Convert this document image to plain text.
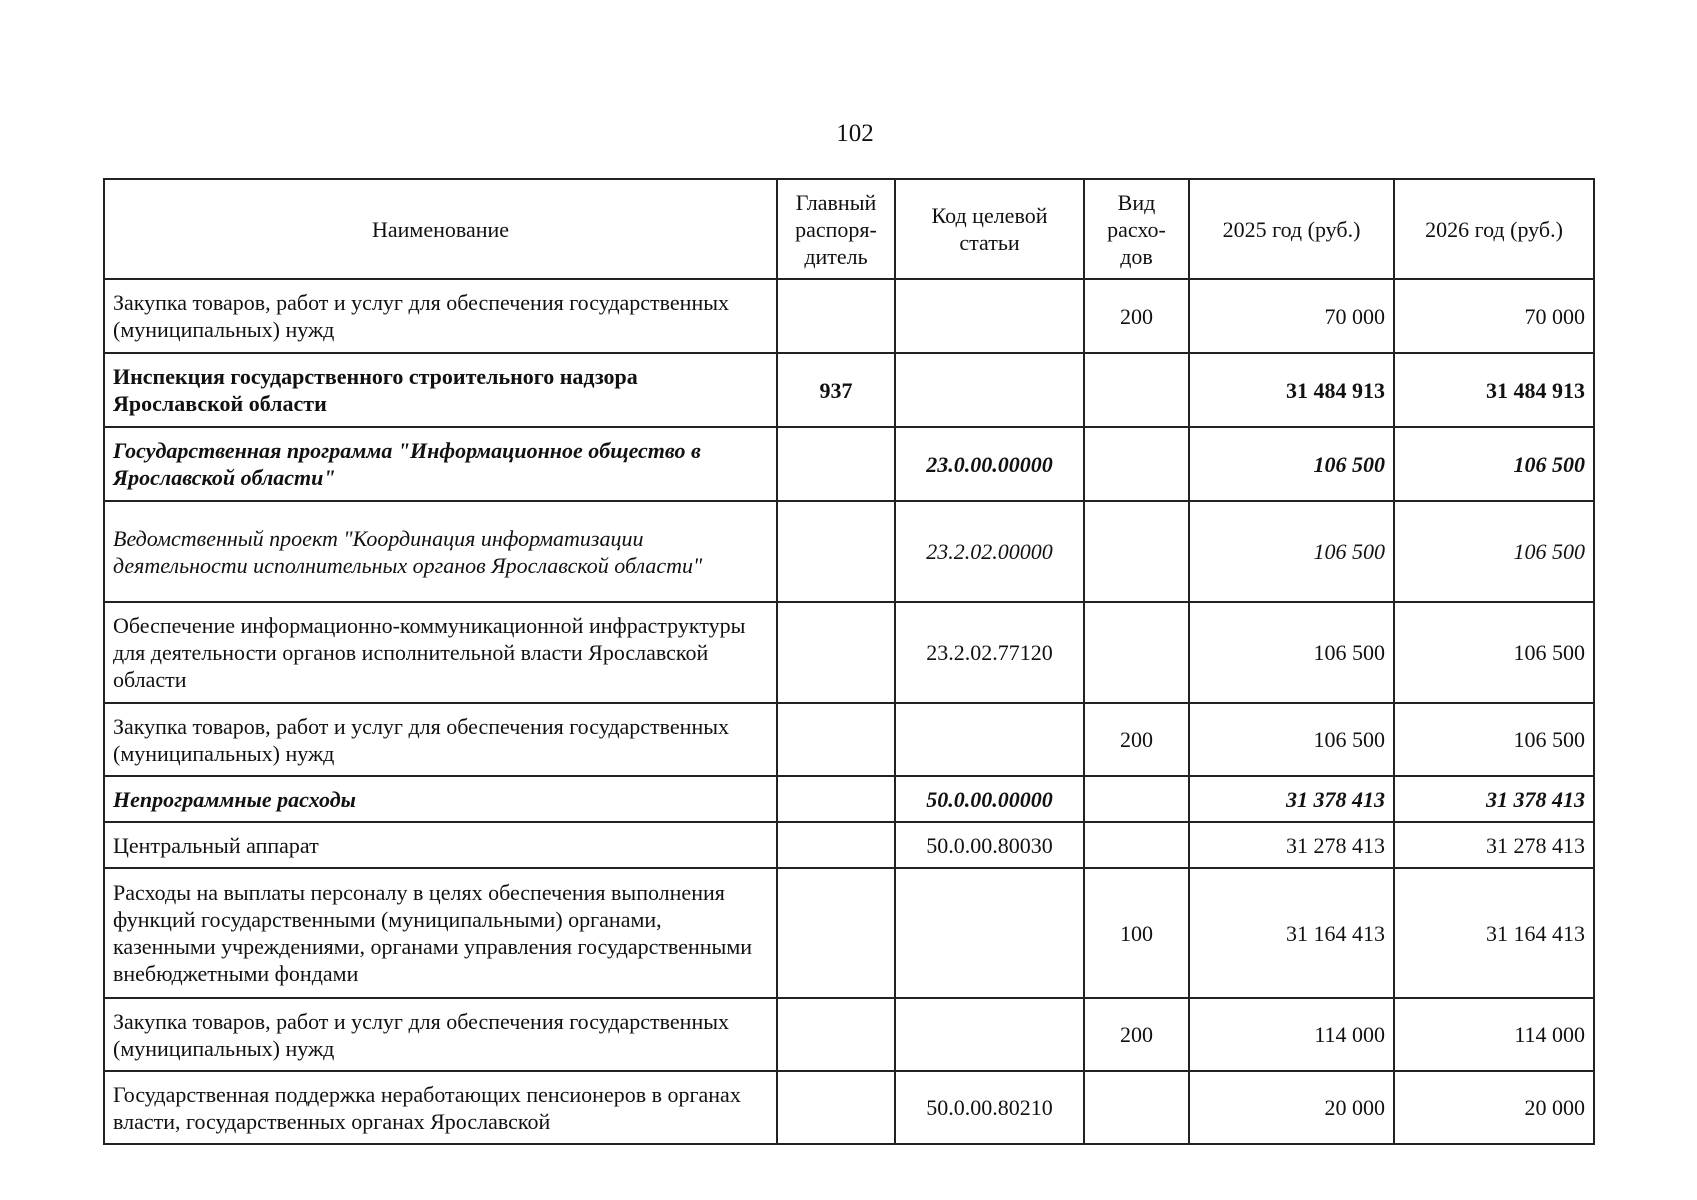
102
Наименование	Главный распоря-дитель	Код целевой статьи	Вид расхо-дов	2025 год (руб.)	2026 год (руб.)
Закупка товаров, работ и услуг для обеспечения государственных (муниципальных) нужд			200	70 000	70 000
Инспекция государственного строительного надзора Ярославской области	937			31 484 913	31 484 913
Государственная программа "Информационное общество в Ярославской области"		23.0.00.00000		106 500	106 500
Ведомственный проект "Координация информатизации деятельности исполнительных органов Ярославской области"		23.2.02.00000		106 500	106 500
Обеспечение информационно-коммуникационной инфраструктуры для деятельности органов исполнительной власти Ярославской области		23.2.02.77120		106 500	106 500
Закупка товаров, работ и услуг для обеспечения государственных (муниципальных) нужд			200	106 500	106 500
Непрограммные расходы		50.0.00.00000		31 378 413	31 378 413
Центральный аппарат		50.0.00.80030		31 278 413	31 278 413
Расходы на выплаты персоналу в целях обеспечения выполнения функций государственными (муниципальными) органами, казенными учреждениями, органами управления государственными внебюджетными фондами			100	31 164 413	31 164 413
Закупка товаров, работ и услуг для обеспечения государственных (муниципальных) нужд			200	114 000	114 000
Государственная поддержка неработающих пенсионеров в органах власти, государственных органах Ярославской		50.0.00.80210		20 000	20 000
